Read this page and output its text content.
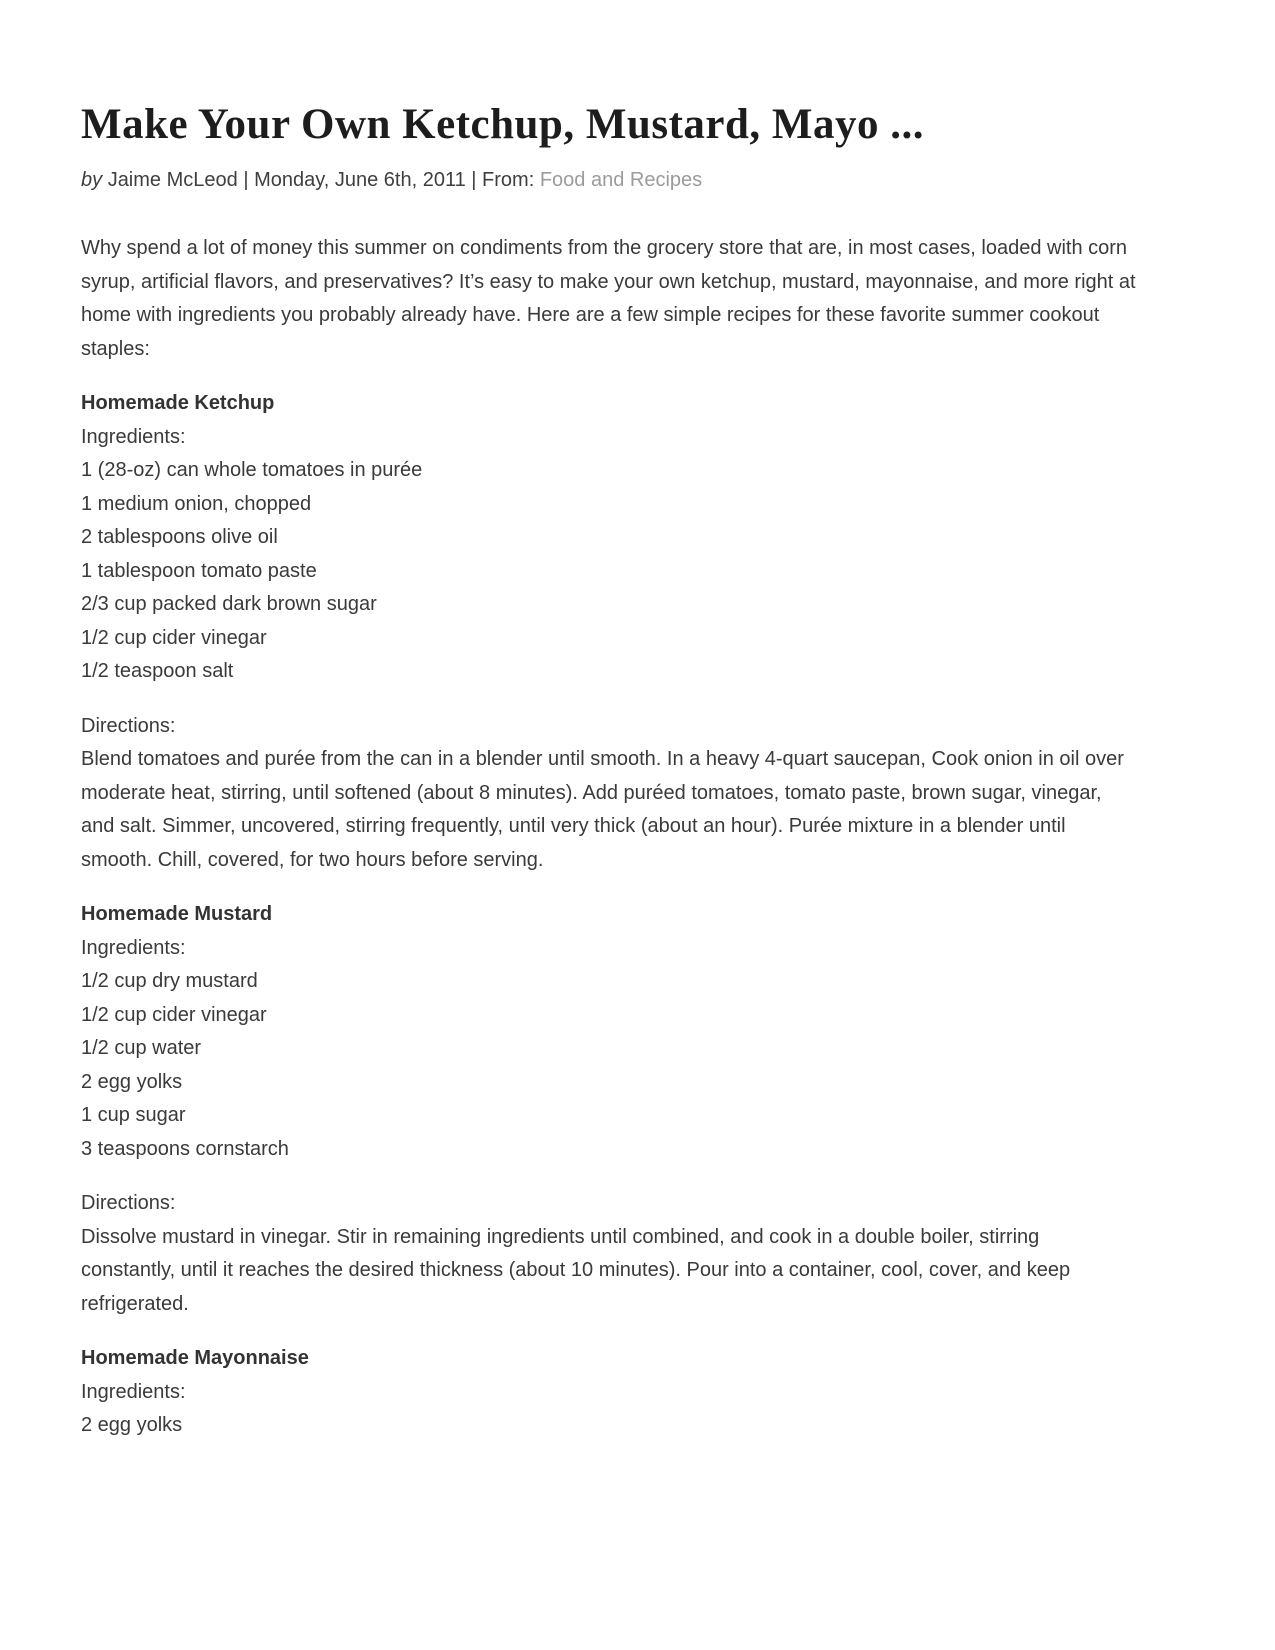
Make Your Own Ketchup, Mustard, Mayo ...
by Jaime McLeod | Monday, June 6th, 2011 | From: Food and Recipes

Why spend a lot of money this summer on condiments from the grocery store that are, in most cases, loaded with corn syrup, artificial flavors, and preservatives? It’s easy to make your own ketchup, mustard, mayonnaise, and more right at home with ingredients you probably already have. Here are a few simple recipes for these favorite summer cookout staples:

Homemade Ketchup
Ingredients:
1 (28-oz) can whole tomatoes in purée
1 medium onion, chopped
2 tablespoons olive oil
1 tablespoon tomato paste
2/3 cup packed dark brown sugar
1/2 cup cider vinegar
1/2 teaspoon salt
Directions:

Blend tomatoes and purée from the can in a blender until smooth. In a heavy 4-quart saucepan, Cook onion in oil over moderate heat, stirring, until softened (about 8 minutes). Add puréed tomatoes, tomato paste, brown sugar, vinegar, and salt. Simmer, uncovered, stirring frequently, until very thick (about an hour). Purée mixture in a blender until smooth. Chill, covered, for two hours before serving.

Homemade Mustard
Ingredients:
1/2 cup dry mustard
1/2 cup cider vinegar
1/2 cup water
2 egg yolks
1 cup sugar
3 teaspoons cornstarch
Directions:

Dissolve mustard in vinegar. Stir in remaining ingredients until combined, and cook in a double boiler, stirring constantly, until it reaches the desired thickness (about 10 minutes). Pour into a container, cool, cover, and keep refrigerated.

Homemade Mayonnaise
Ingredients:
2 egg yolks
